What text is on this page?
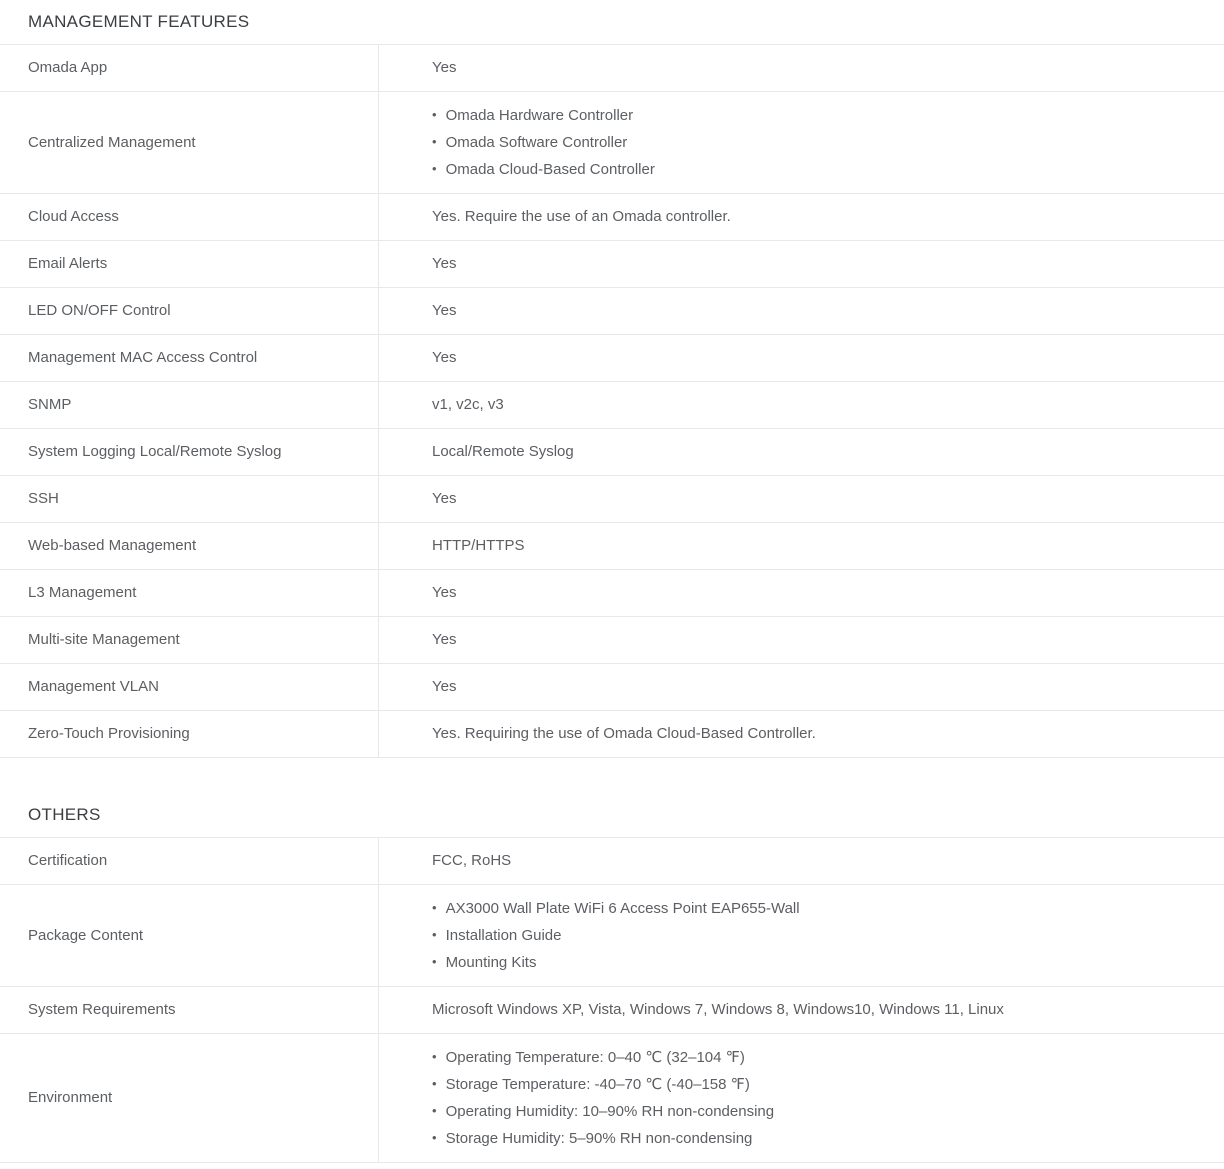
MANAGEMENT FEATURES
Omada App	Yes
Centralized Management
• Omada Hardware Controller
• Omada Software Controller
• Omada Cloud-Based Controller
Cloud Access	Yes. Require the use of an Omada controller.
Email Alerts	Yes
LED ON/OFF Control	Yes
Management MAC Access Control	Yes
SNMP	v1, v2c, v3
System Logging Local/Remote Syslog	Local/Remote Syslog
SSH	Yes
Web-based Management	HTTP/HTTPS
L3 Management	Yes
Multi-site Management	Yes
Management VLAN	Yes
Zero-Touch Provisioning	Yes. Requiring the use of Omada Cloud-Based Controller.
OTHERS
Certification	FCC, RoHS
Package Content
• AX3000 Wall Plate WiFi 6 Access Point EAP655-Wall
• Installation Guide
• Mounting Kits
System Requirements	Microsoft Windows XP, Vista, Windows 7, Windows 8, Windows10, Windows 11, Linux
Environment
• Operating Temperature: 0–40 ℃ (32–104 ℉)
• Storage Temperature: -40–70 ℃ (-40–158 ℉)
• Operating Humidity: 10–90% RH non-condensing
• Storage Humidity: 5–90% RH non-condensing
